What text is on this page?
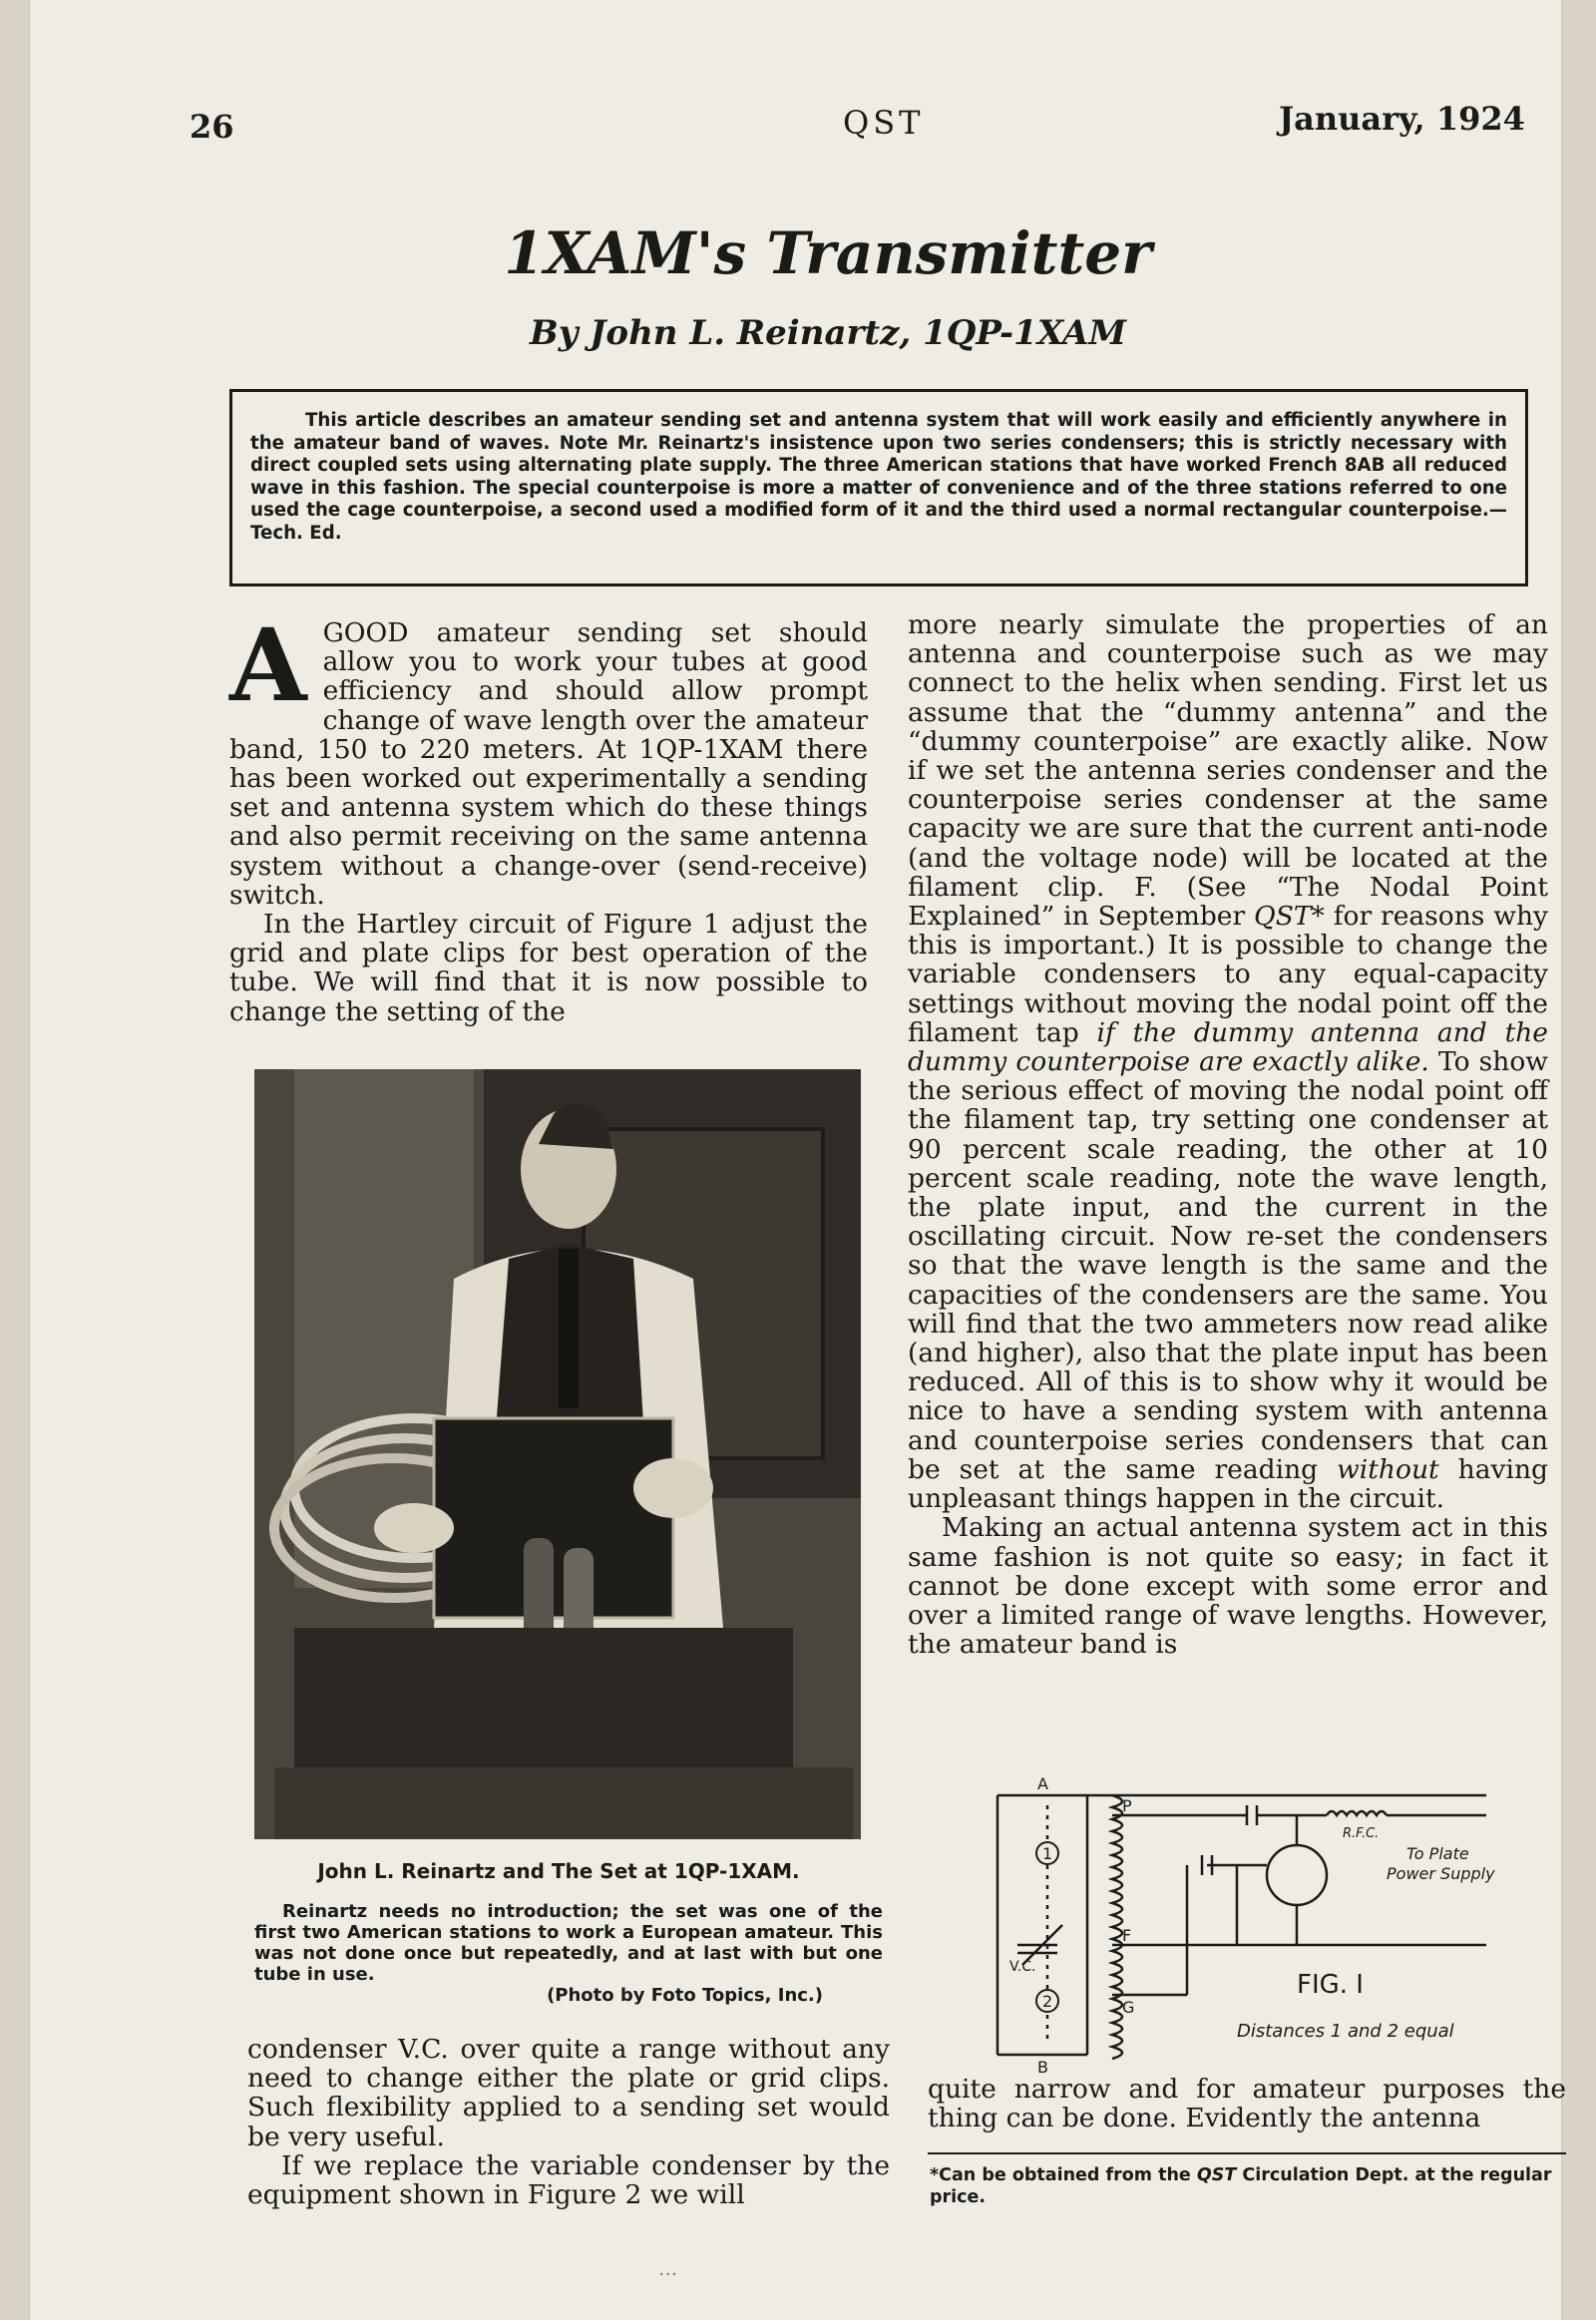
26	QST	January, 1924
1XAM's Transmitter
By John L. Reinartz, 1QP-1XAM
This article describes an amateur sending set and antenna system that will work easily and efficiently anywhere in the amateur band of waves. Note Mr. Reinartz's insistence upon two series condensers; this is strictly necessary with direct coupled sets using alternating plate supply. The three American stations that have worked French 8AB all reduced wave in this fashion. The special counterpoise is more a matter of convenience and of the three stations referred to one used the cage counterpoise, a second used a modified form of it and the third used a normal rectangular counterpoise.—Tech. Ed.
A GOOD amateur sending set should allow you to work your tubes at good efficiency and should allow prompt change of wave length over the amateur band, 150 to 220 meters. At 1QP-1XAM there has been worked out experimentally a sending set and antenna system which do these things and also permit receiving on the same antenna system without a change-over (send-receive) switch.

In the Hartley circuit of Figure 1 adjust the grid and plate clips for best operation of the tube. We will find that it is now possible to change the setting of the

John L. Reinartz and The Set at 1QP-1XAM.
Reinartz needs no introduction; the set was one of the first two American stations to work a European amateur. This was not done once but repeatedly, and at last with but one tube in use.
(Photo by Foto Topics, Inc.)

condenser V.C. over quite a range without any need to change either the plate or grid clips. Such flexibility applied to a sending set would be very useful.

If we replace the variable condenser by the equipment shown in Figure 2 we will

more nearly simulate the properties of an antenna and counterpoise such as we may connect to the helix when sending. First let us assume that the “dummy antenna” and the “dummy counterpoise” are exactly alike. Now if we set the antenna series condenser and the counterpoise series condenser at the same capacity we are sure that the current anti-node (and the voltage node) will be located at the filament clip. F. (See “The Nodal Point Explained” in September QST* for reasons why this is important.) It is possible to change the variable condensers to any equal-capacity settings without moving the nodal point off the filament tap if the dummy antenna and the dummy counterpoise are exactly alike. To show the serious effect of moving the nodal point off the filament tap, try setting one condenser at 90 percent scale reading, the other at 10 percent scale reading, note the wave length, the plate input, and the current in the oscillating circuit. Now re-set the condensers so that the wave length is the same and the capacities of the condensers are the same. You will find that the two ammeters now read alike (and higher), also that the plate input has been reduced. All of this is to show why it would be nice to have a sending system with antenna and counterpoise series condensers that can be set at the same reading without having unpleasant things happen in the circuit.

Making an actual antenna system act in this same fashion is not quite so easy; in fact it cannot be done except with some error and over a limited range of wave lengths. However, the amateur band is

A
B
P
F
G
1
2
V.C.
R.F.C.
To Plate
Power Supply
FIG. I
Distances 1 and 2 equal

quite narrow and for amateur purposes the thing can be done. Evidently the antenna

*Can be obtained from the QST Circulation Dept. at the regular price.
...
